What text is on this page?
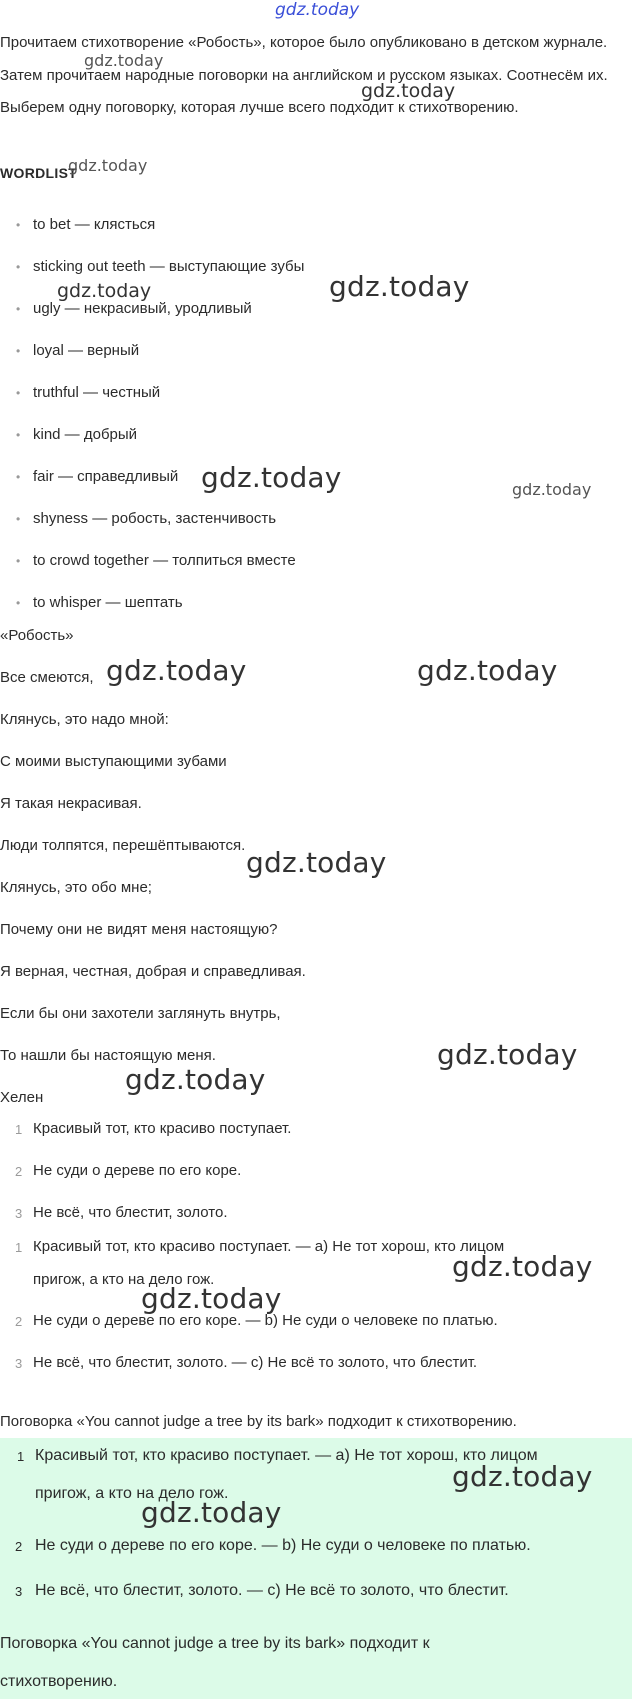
gdz.today
Прочитаем стихотворение «Робость», которое было опубликовано в детском журнале. Затем прочитаем народные поговорки на английском и русском языках. Соотнесём их. Выберем одну поговорку, которая лучше всего подходит к стихотворению.
WORDLIST
• to bet — клясться
• sticking out teeth — выступающие зубы
• ugly — некрасивый, уродливый
• loyal — верный
• truthful — честный
• kind — добрый
• fair — справедливый
• shyness — робость, застенчивость
• to crowd together — толпиться вместе
• to whisper — шептать
«Робость»
Все смеются,
Клянусь, это надо мной:
С моими выступающими зубами
Я такая некрасивая.
Люди толпятся, перешёптываются.
Клянусь, это обо мне;
Почему они не видят меня настоящую?
Я верная, честная, добрая и справедливая.
Если бы они захотели заглянуть внутрь,
То нашли бы настоящую меня.
Хелен
1 Красивый тот, кто красиво поступает.
2 Не суди о дереве по его коре.
3 Не всё, что блестит, золото.
1 Красивый тот, кто красиво поступает. — a) Не тот хорош, кто лицом
пригож, а кто на дело гож.
2 Не суди о дереве по его коре. — b) Не суди о человеке по платью.
3 Не всё, что блестит, золото. — c) Не всё то золото, что блестит.
Поговорка «You cannot judge a tree by its bark» подходит к стихотворению.
1 Красивый тот, кто красиво поступает. — a) Не тот хорош, кто лицом
пригож, а кто на дело гож.
2 Не суди о дереве по его коре. — b) Не суди о человеке по платью.
3 Не всё, что блестит, золото. — c) Не всё то золото, что блестит.
Поговорка «You cannot judge a tree by its bark» подходит к
стихотворению.
gdz.today
gdz.today
gdz.today
gdz.today	gdz.today
gdz.today	gdz.today
gdz.today	gdz.today
gdz.today
gdz.today
gdz.today
gdz.today
gdz.today
gdz.today
gdz.today
